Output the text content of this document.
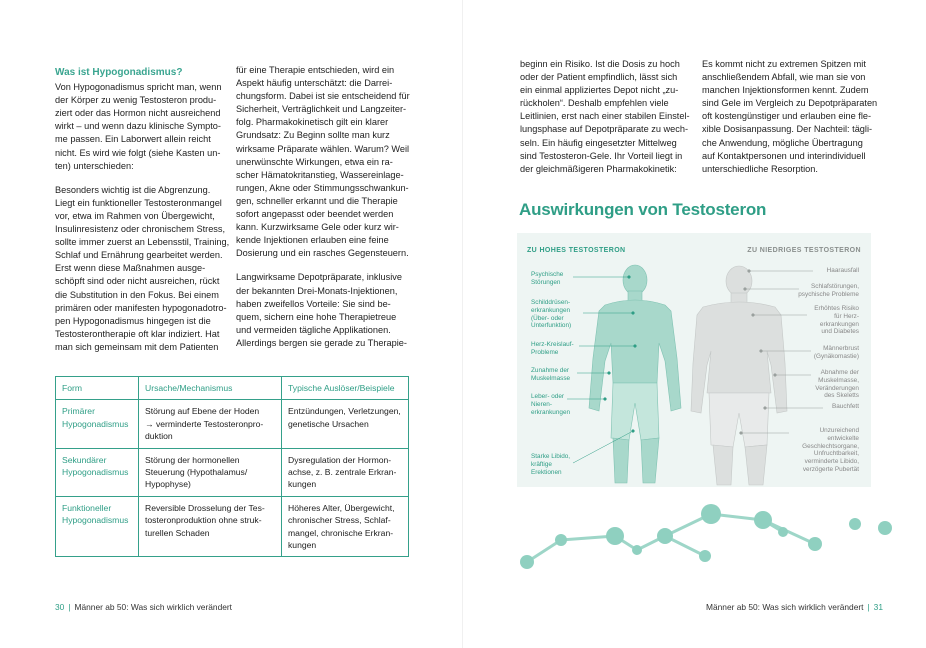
Was ist Hypogonadismus?

Von Hypogonadismus spricht man, wenn
der Körper zu wenig Testosteron produ-
ziert oder das Hormon nicht ausreichend
wirkt – und wenn dazu klinische Sympto-
me passen. Ein Laborwert allein reicht
nicht. Es wird wie folgt (siehe Kasten un-
ten) unterschieden:

Besonders wichtig ist die Abgrenzung.
Liegt ein funktioneller Testosteronmangel
vor, etwa im Rahmen von Übergewicht,
Insulinresistenz oder chronischem Stress,
sollte immer zuerst an Lebensstil, Training,
Schlaf und Ernährung gearbeitet werden.
Erst wenn diese Maßnahmen ausge-
schöpft sind oder nicht ausreichen, rückt
die Substitution in den Fokus. Bei einem
primären oder manifesten hypogonadotro-
pen Hypogonadismus hingegen ist die
Testosterontherapie oft klar indiziert. Hat
man sich gemeinsam mit dem Patienten

für eine Therapie entschieden, wird ein
Aspekt häufig unterschätzt: die Darrei-
chungsform. Dabei ist sie entscheidend für
Sicherheit, Verträglichkeit und Langzeiter-
folg. Pharmakokinetisch gilt ein klarer
Grundsatz: Zu Beginn sollte man kurz
wirksame Präparate wählen. Warum? Weil
unerwünschte Wirkungen, etwa ein ra-
scher Hämatokritanstieg, Wassereinlage-
rungen, Akne oder Stimmungsschwankun-
gen, schneller erkannt und die Therapie
sofort angepasst oder beendet werden
kann. Kurzwirksame Gele oder kurz wir-
kende Injektionen erlauben eine feine
Dosierung und ein rasches Gegensteuern.

Langwirksame Depotpräparate, inklusive
der bekannten Drei-Monats-Injektionen,
haben zweifellos Vorteile: Sie sind be-
quem, sichern eine hohe Therapietreue
und vermeiden tägliche Applikationen.
Allerdings bergen sie gerade zu Therapie-

Form	Ursache/Mechanismus	Typische Auslöser/Beispiele
Primärer
Hypogonadismus	Störung auf Ebene der Hoden
→ verminderte Testosteronpro-
duktion	Entzündungen, Verletzungen,
genetische Ursachen
Sekundärer
Hypogonadismus	Störung der hormonellen
Steuerung (Hypothalamus/
Hypophyse)	Dysregulation der Hormon-
achse, z. B. zentrale Erkran-
kungen
Funktioneller
Hypogonadismus	Reversible Drosselung der Tes-
tosteronproduktion ohne struk-
turellen Schaden	Höheres Alter, Übergewicht,
chronischer Stress, Schlaf-
mangel, chronische Erkran-
kungen
30 | Männer ab 50: Was sich wirklich verändert

beginn ein Risiko. Ist die Dosis zu hoch
oder der Patient empfindlich, lässt sich
ein einmal appliziertes Depot nicht „zu-
rückholen“. Deshalb empfehlen viele
Leitlinien, erst nach einer stabilen Einstel-
lungsphase auf Depotpräparate zu wech-
seln. Ein häufig eingesetzter Mittelweg
sind Testosteron-Gele. Ihr Vorteil liegt in
der gleichmäßigeren Pharmakokinetik:

Es kommt nicht zu extremen Spitzen mit
anschließendem Abfall, wie man sie von
manchen Injektionsformen kennt. Zudem
sind Gele im Vergleich zu Depotpräparaten
oft kostengünstiger und erlauben eine fle-
xible Dosisanpassung. Der Nachteil: tägli-
che Anwendung, mögliche Übertragung
auf Kontaktpersonen und interindividuell
unterschiedliche Resorption.

Auswirkungen von Testosteron
ZU HOHES TESTOSTERON	ZU NIEDRIGES TESTOSTERON
Psychische
Störungen
Schilddrüsen-
erkrankungen
(Über- oder
Unterfunktion)
Herz-Kreislauf-
Probleme
Zunahme der
Muskelmasse
Leber- oder
Nieren-
erkrankungen
Starke Libido,
kräftige
Erektionen
Haarausfall
Schlafstörungen,
psychische Probleme
Erhöhtes Risiko
für Herz-
erkrankungen
und Diabetes
Männerbrust
(Gynäkomastie)
Abnahme der
Muskelmasse,
Veränderungen
des Skeletts
Bauchfett
Unzureichend
entwickelte
Geschlechtsorgane,
Unfruchtbarkeit,
verminderte Libido,
verzögerte Pubertät
Männer ab 50: Was sich wirklich verändert | 31
